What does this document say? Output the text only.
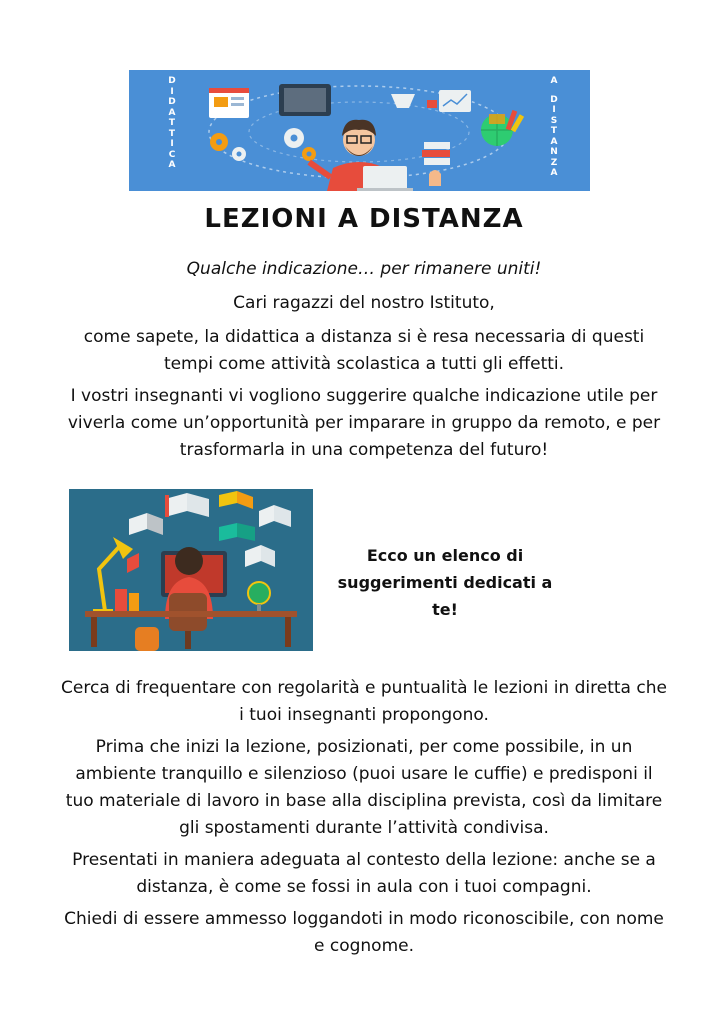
D
I
D
A
T
T
I
C
A
A
D
I
S
T
A
N
Z
A
LEZIONI A DISTANZA
Qualche indicazione… per rimanere uniti!
Cari ragazzi del nostro Istituto,
come sapete, la didattica a distanza si è resa necessaria di questi tempi come attività scolastica a tutti gli effetti.
I vostri insegnanti vi vogliono suggerire qualche indicazione utile per viverla come un’opportunità per imparare in gruppo da remoto, e per trasformarla in una competenza del futuro!
Ecco un elenco di suggerimenti dedicati a te!
Cerca di frequentare con regolarità e puntualità le lezioni in diretta che i tuoi insegnanti propongono.
Prima che inizi la lezione, posizionati, per come possibile, in un ambiente tranquillo e silenzioso (puoi usare le cuffie) e predisponi il tuo materiale di lavoro in base alla disciplina prevista, così da limitare gli spostamenti durante l’attività condivisa.
Presentati in maniera adeguata al contesto della lezione: anche se a distanza, è come se fossi in aula con i tuoi compagni.
Chiedi di essere ammesso loggandoti in modo riconoscibile, con nome e cognome.
